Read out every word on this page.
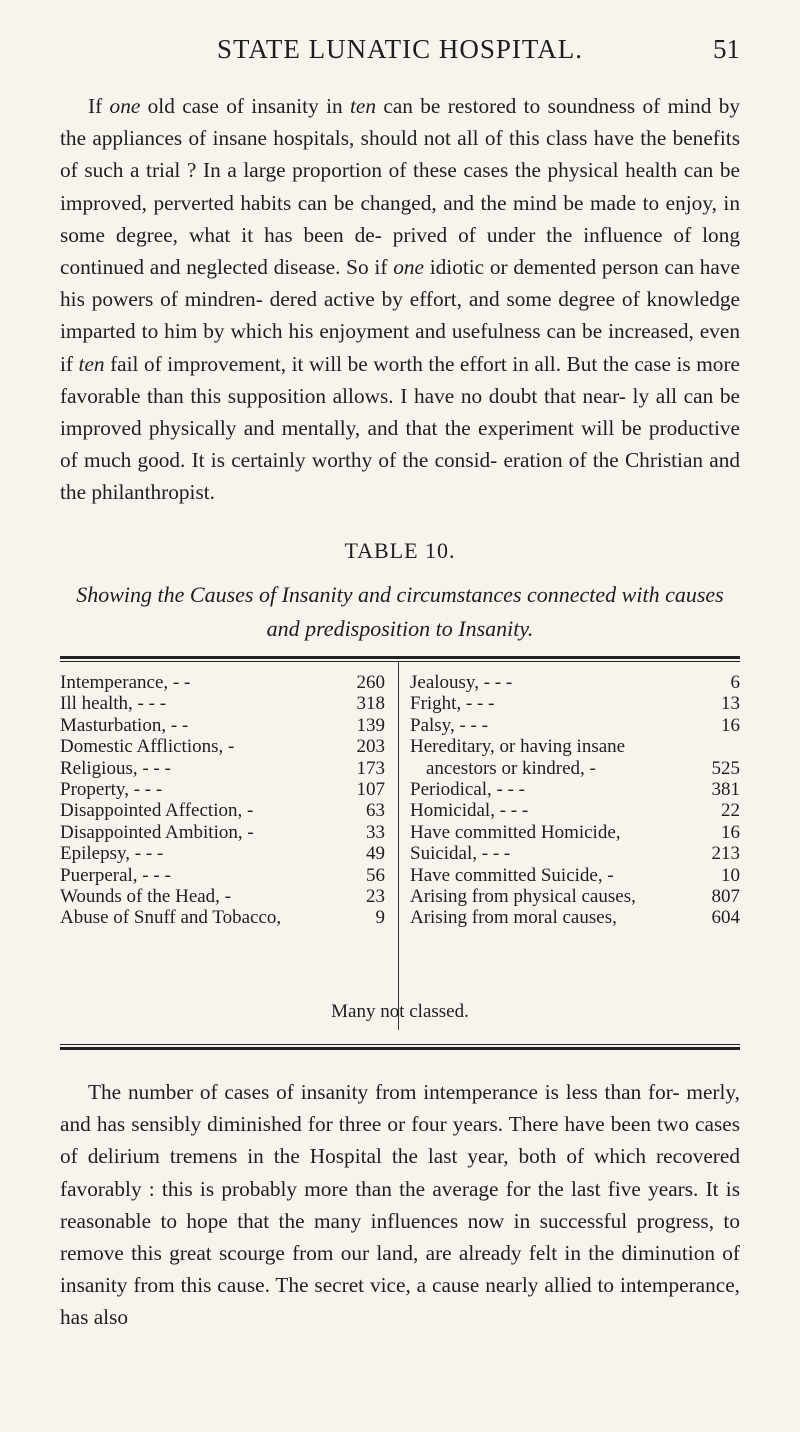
STATE LUNATIC HOSPITAL.	51

If one old case of insanity in ten can be restored to soundness of mind by the appliances of insane hospitals, should not all of this class have the benefits of such a trial ? In a large proportion of these cases the physical health can be improved, perverted habits can be changed, and the mind be made to enjoy, in some degree, what it has been de- prived of under the influence of long continued and neglected disease. So if one idiotic or demented person can have his powers of mindren- dered active by effort, and some degree of knowledge imparted to him by which his enjoyment and usefulness can be increased, even if ten fail of improvement, it will be worth the effort in all. But the case is more favorable than this supposition allows. I have no doubt that near- ly all can be improved physically and mentally, and that the experiment will be productive of much good. It is certainly worthy of the consid- eration of the Christian and the philanthropist.

TABLE 10.
Showing the Causes of Insanity and circumstances connected with causes and predisposition to Insanity.
Intemperance, - -	260
Ill health, - - -	318
Masturbation, - -	139
Domestic Afflictions, -	203
Religious, - - -	173
Property, - - -	107
Disappointed Affection, -	63
Disappointed Ambition, -	33
Epilepsy, - - -	49
Puerperal, - - -	56
Wounds of the Head, -	23
Abuse of Snuff and Tobacco,	9
Jealousy, - - -	6
Fright, - - -	13
Palsy, - - -	16
Hereditary, or having insane
ancestors or kindred, -	525
Periodical, - - -	381
Homicidal, - - -	22
Have committed Homicide,	16
Suicidal, - - -	213
Have committed Suicide, -	10
Arising from physical causes,	807
Arising from moral causes,	604
Many not classed.

The number of cases of insanity from intemperance is less than for- merly, and has sensibly diminished for three or four years. There have been two cases of delirium tremens in the Hospital the last year, both of which recovered favorably : this is probably more than the average for the last five years. It is reasonable to hope that the many influences now in successful progress, to remove this great scourge from our land, are already felt in the diminution of insanity from this cause. The secret vice, a cause nearly allied to intemperance, has also
